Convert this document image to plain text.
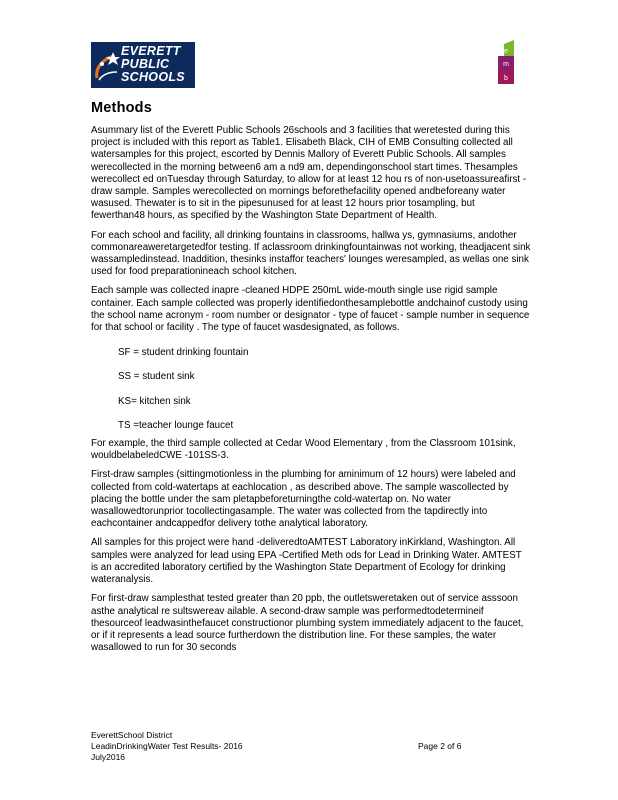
EVERETT
PUBLIC
SCHOOLS
e
m
b
Methods

Asummary list of the Everett Public Schools 26schools and 3 facilities that weretested during this project is included with this report as Table1. Elisabeth Black, CIH of EMB Consulting collected all watersamples for this project, escorted by Dennis Mallory of Everett Public Schools. All samples werecollected in the morning between6 am a nd9 am, dependingonschool start times. Thesamples werecollect ed onTuesday through Saturday, to allow for at least 12 hou rs of non-usetoassureafirst -draw sample. Samples werecollected on mornings beforethefacility opened andbeforeany water wasused. Thewater is to sit in the pipesunused for at least 12 hours prior tosampling, but fewerthan48 hours, as specified by the Washington State Department of Health.

For each school and facility, all drinking fountains in classrooms, hallwa ys, gymnasiums, andother commonareaweretargetedfor testing. If aclassroom drinkingfountainwas not working, theadjacent sink wassampledinstead. Inaddition, thesinks instaffor teachers' lounges weresampled, as wellas one sink used for food preparationineach school kitchen.

Each sample was collected inapre -cleaned HDPE 250mL wide-mouth single use rigid sample container. Each sample collected was properly identifiedonthesamplebottle andchainof custody using the school name acronym - room number or designator - type of faucet - sample number in sequence for that school or facility . The type of faucet wasdesignated, as follows.

SF = student drinking fountain
SS = student sink
KS= kitchen sink
TS =teacher lounge faucet

For example, the third sample collected at Cedar Wood Elementary , from the Classroom 101sink, wouldbelabeledCWE -101SS-3.

First-draw samples (sittingmotionless in the plumbing for aminimum of 12 hours) were labeled and collected from cold-watertaps at eachlocation , as described above. The sample wascollected by placing the bottle under the sam pletapbeforeturningthe cold-watertap on. No water wasallowedtorunprior tocollectingasample. The water was collected from the tapdirectly into eachcontainer andcappedfor delivery tothe analytical laboratory.

All samples for this project were hand -deliveredtoAMTEST Laboratory inKirkland, Washington. All samples were analyzed for lead using EPA -Certified Meth ods for Lead in Drinking Water. AMTEST is an accredited laboratory certified by the Washington State Department of Ecology for drinking wateranalysis.

For first-draw samplesthat tested greater than 20 ppb, the outletsweretaken out of service asssoon asthe analytical re sultswereav ailable. A second-draw sample was performedtodetermineif thesourceof leadwasinthefaucet constructionor plumbing system immediately adjacent to the faucet, or if it represents a lead source furtherdown the distribution line. For these samples, the water wasallowed to run for 30 seconds

EverettSchool District
LeadinDrinkingWater Test Results- 2016
July2016
Page 2 of 6
